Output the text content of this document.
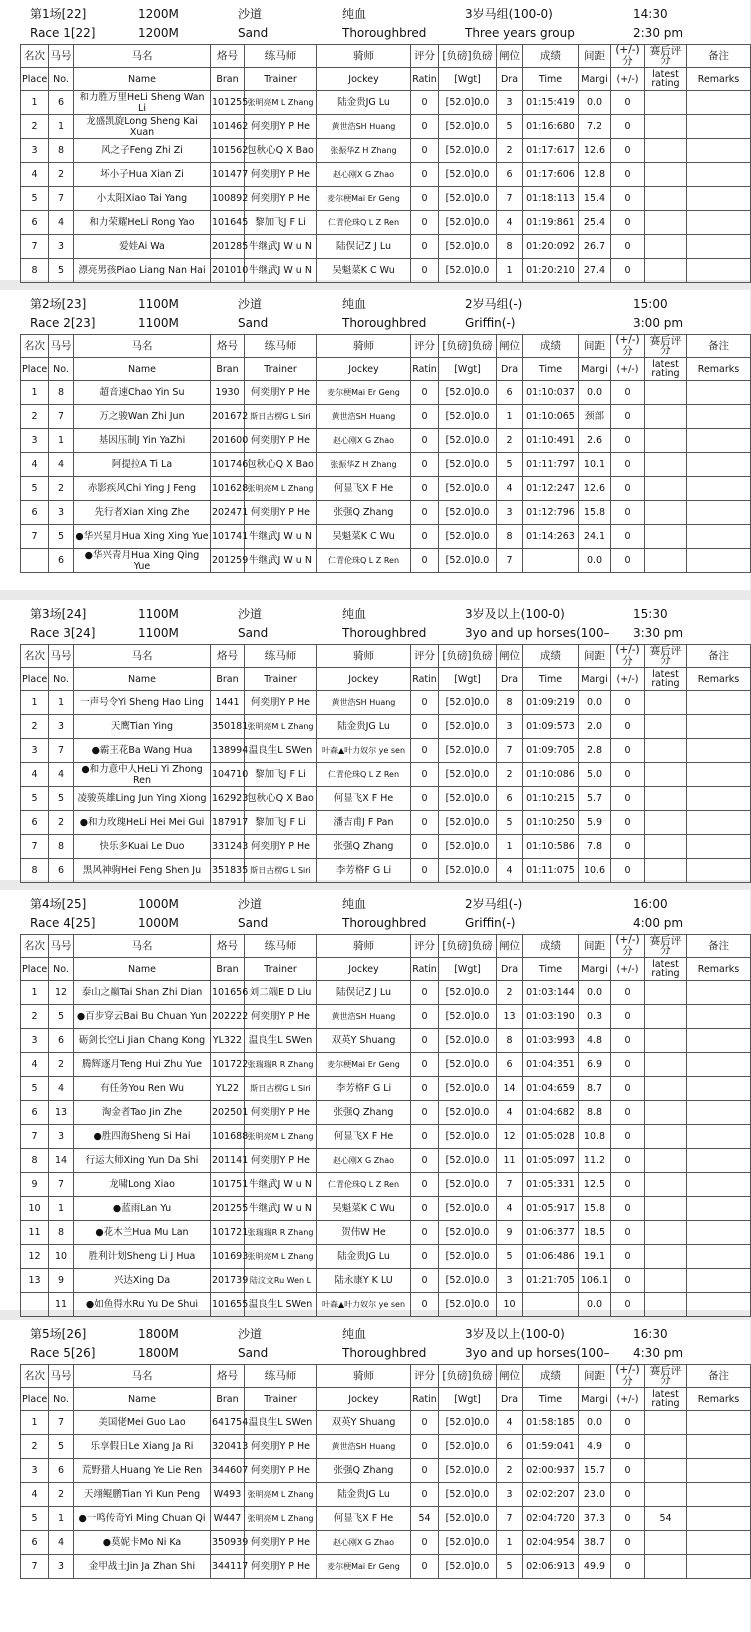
第1场[22]	1200M	沙道	纯血	3岁马组(100-0)	14:30
Race 1[22]	1200M	Sand	Thoroughbred	Three years group	2:30 pm
名次	马号	马名	烙号	练马师	骑师	评分	[负磅]负磅	闸位	成绩	间距	(+/-)分	赛后评分	备注
Place	No.	Name	Bran	Trainer	Jockey	Ratin	[Wgt]	Dra	Time	Margi	(+/-)	latest rating	Remarks
1	6	和力胜万里HeLi Sheng Wan Li	101255	张明亮M L Zhang	陆金贵JG Lu	0	[52.0]0.0	3	01:15:419	0.0	0		
2	1	龙盛凯旋Long Sheng Kai Xuan	101462	何奕朋Y P He	黄世浩SH Huang	0	[52.0]0.0	5	01:16:680	7.2	0		
3	8	风之子Feng Zhi Zi	101562	包秋心Q X Bao	张振华Z H Zhang	0	[52.0]0.0	2	01:17:617	12.6	0		
4	2	坏小子Hua Xian Zi	101477	何奕朋Y P He	赵心刚X G Zhao	0	[52.0]0.0	6	01:17:606	12.8	0		
5	7	小太阳Xiao Tai Yang	100892	何奕朋Y P He	麦尔梗Mai Er Geng	0	[52.0]0.0	7	01:18:113	15.4	0		
6	4	和力荣耀HeLi Rong Yao	101645	黎加飞J F Li	仁青伦珠Q L Z Ren	0	[52.0]0.0	4	01:19:861	25.4	0		
7	3	爱娃Ai Wa	201285	牛继武J W u N	陆俣记Z J Lu	0	[52.0]0.0	8	01:20:092	26.7	0		
8	5	漂亮男孩Piao Liang Nan Hai	201010	牛继武J W u N	吴魁菜K C Wu	0	[52.0]0.0	1	01:20:210	27.4	0		
第2场[23]	1100M	沙道	纯血	2岁马组(-)	15:00
Race 2[23]	1100M	Sand	Thoroughbred	Griffin(-)	3:00 pm
名次	马号	马名	烙号	练马师	骑师	评分	[负磅]负磅	闸位	成绩	间距	(+/-)分	赛后评分	备注
Place	No.	Name	Bran	Trainer	Jockey	Ratin	[Wgt]	Dra	Time	Margi	(+/-)	latest rating	Remarks
1	8	超音速Chao Yin Su	1930	何奕朋Y P He	麦尔梗Mai Er Geng	0	[52.0]0.0	6	01:10:037	0.0	0		
2	7	万之骏Wan Zhi Jun	201672	斯日古楞G L Siri	黄世浩SH Huang	0	[52.0]0.0	1	01:10:065	颈部	0		
3	1	基因压制J Yin YaZhi	201600	何奕朋Y P He	赵心刚X G Zhao	0	[52.0]0.0	2	01:10:491	2.6	0		
4	4	阿提拉A Ti La	101746	包秋心Q X Bao	张振华Z H Zhang	0	[52.0]0.0	5	01:11:797	10.1	0		
5	2	赤影疾风Chi Ying J Feng	101628	张明亮M L Zhang	何显飞X F He	0	[52.0]0.0	4	01:12:247	12.6	0		
6	3	先行者Xian Xing Zhe	202471	何奕朋Y P He	张强Q Zhang	0	[52.0]0.0	3	01:12:796	15.8	0		
7	5	●华兴星月Hua Xing Xing Yue	101741	牛继武J W u N	吴魁菜K C Wu	0	[52.0]0.0	8	01:14:263	24.1	0		
	6	●华兴青月Hua Xing Qing Yue	201259	牛继武J W u N	仁青伦珠Q L Z Ren	0	[52.0]0.0	7		0.0	0		
第3场[24]	1100M	沙道	纯血	3岁及以上(100-0)	15:30
Race 3[24]	1100M	Sand	Thoroughbred	3yo and up horses(100– 3:30 pm
名次	马号	马名	烙号	练马师	骑师	评分	[负磅]负磅	闸位	成绩	间距	(+/-)分	赛后评分	备注
Place	No.	Name	Bran	Trainer	Jockey	Ratin	[Wgt]	Dra	Time	Margi	(+/-)	latest rating	Remarks
1	1	一声号令Yi Sheng Hao Ling	1441	何奕朋Y P He	黄世浩SH Huang	0	[52.0]0.0	8	01:09:219	0.0	0		
2	3	天鹰Tian Ying	350181	张明亮M L Zhang	陆金贵JG Lu	0	[52.0]0.0	3	01:09:573	2.0	0		
3	7	●霸王花Ba Wang Hua	138994	温良生L SWen	叶森▲叶力奴尔 ye sen	0	[52.0]0.0	7	01:09:705	2.8	0		
4	4	●和力意中人HeLi Yi Zhong Ren	104710	黎加飞J F Li	仁青伦珠Q L Z Ren	0	[52.0]0.0	2	01:10:086	5.0	0		
5	5	凌骏英雄Ling Jun Ying Xiong	162923	包秋心Q X Bao	何显飞X F He	0	[52.0]0.0	6	01:10:215	5.7	0		
6	2	●和力玫瑰HeLi Hei Mei Gui	187917	黎加飞J F Li	潘吉甫J F Pan	0	[52.0]0.0	5	01:10:250	5.9	0		
7	8	快乐多Kuai Le Duo	331243	何奕朋Y P He	张强Q Zhang	0	[52.0]0.0	1	01:10:586	7.8	0		
8	6	黑风神驹Hei Feng Shen Ju	351835	斯日古楞G L Siri	李芳格F G Li	0	[52.0]0.0	4	01:11:075	10.6	0		
第4场[25]	1000M	沙道	纯血	2岁马组(-)	16:00
Race 4[25]	1000M	Sand	Thoroughbred	Griffin(-)	4:00 pm
名次	马号	马名	烙号	练马师	骑师	评分	[负磅]负磅	闸位	成绩	间距	(+/-)分	赛后评分	备注
Place	No.	Name	Bran	Trainer	Jockey	Ratin	[Wgt]	Dra	Time	Margi	(+/-)	latest rating	Remarks
1	12	泰山之巅Tai Shan Zhi Dian	101656	刘二端E D Liu	陆俣记Z J Lu	0	[52.0]0.0	2	01:03:144	0.0	0		
2	5	●百步穿云Bai Bu Chuan Yun	202222	何奕朋Y P He	黄世浩SH Huang	0	[52.0]0.0	13	01:03:190	0.3	0		
3	6	砺剑长空Li Jian Chang Kong	YL322	温良生L SWen	双英Y Shuang	0	[52.0]0.0	8	01:03:993	4.8	0		
4	2	腾辉逐月Teng Hui Zhu Yue	101722	张瑞瑞R R Zhang	麦尔梗Mai Er Geng	0	[52.0]0.0	6	01:04:351	6.9	0		
5	4	有任务You Ren Wu	YL22	斯日古楞G L Siri	李芳格F G Li	0	[52.0]0.0	14	01:04:659	8.7	0		
6	13	淘金者Tao Jin Zhe	202501	何奕朋Y P He	张强Q Zhang	0	[52.0]0.0	4	01:04:682	8.8	0		
7	3	●胜四海Sheng Si Hai	101688	张明亮M L Zhang	何显飞X F He	0	[52.0]0.0	12	01:05:028	10.8	0		
8	14	行运大师Xing Yun Da Shi	201141	何奕朋Y P He	赵心刚X G Zhao	0	[52.0]0.0	11	01:05:097	11.2	0		
9	7	龙啸Long Xiao	101751	牛继武J W u N	仁青伦珠Q L Z Ren	0	[52.0]0.0	7	01:05:331	12.5	0		
10	1	●蓝雨Lan Yu	201255	牛继武J W u N	吴魁菜K C Wu	0	[52.0]0.0	4	01:05:917	15.8	0		
11	8	●花木兰Hua Mu Lan	101721	张瑞瑞R R Zhang	贺伟W He	0	[52.0]0.0	9	01:06:377	18.5	0		
12	10	胜利计划Sheng Li J Hua	101693	张明亮M L Zhang	陆金贵JG Lu	0	[52.0]0.0	5	01:06:486	19.1	0		
13	9	兴达Xing Da	201739	陆汶文Ru Wen L	陆永康Y K LU	0	[52.0]0.0	3	01:21:705	106.1	0		
	11	●如鱼得水Ru Yu De Shui	101655	温良生L SWen	叶森▲叶力奴尔 ye sen	0	[52.0]0.0	10		0.0	0		
第5场[26]	1800M	沙道	纯血	3岁及以上(100-0)	16:30
Race 5[26]	1800M	Sand	Thoroughbred	3yo and up horses(100– 4:30 pm
名次	马号	马名	烙号	练马师	骑师	评分	[负磅]负磅	闸位	成绩	间距	(+/-)分	赛后评分	备注
Place	No.	Name	Bran	Trainer	Jockey	Ratin	[Wgt]	Dra	Time	Margi	(+/-)	latest rating	Remarks
1	7	美国佬Mei Guo Lao	641754	温良生L SWen	双英Y Shuang	0	[52.0]0.0	4	01:58:185	0.0	0		
2	5	乐享假日Le Xiang Ja Ri	320413	何奕朋Y P He	黄世浩SH Huang	0	[52.0]0.0	6	01:59:041	4.9	0		
3	6	荒野猎人Huang Ye Lie Ren	344607	何奕朋Y P He	张强Q Zhang	0	[52.0]0.0	2	02:00:937	15.7	0		
4	2	天翊鲲鹏Tian Yi Kun Peng	W493	张明亮M L Zhang	陆金贵JG Lu	0	[52.0]0.0	3	02:02:207	23.0	0		
5	1	●一鸣传奇Yi Ming Chuan Qi	W447	张明亮M L Zhang	何显飞X F He	54	[52.0]0.0	7	02:04:720	37.3	0	54	
6	4	●莫妮卡Mo Ni Ka	350939	何奕朋Y P He	赵心刚X G Zhao	0	[52.0]0.0	1	02:04:954	38.7	0		
7	3	金甲战士Jin Ja Zhan Shi	344117	何奕朋Y P He	麦尔梗Mai Er Geng	0	[52.0]0.0	5	02:06:913	49.9	0		
